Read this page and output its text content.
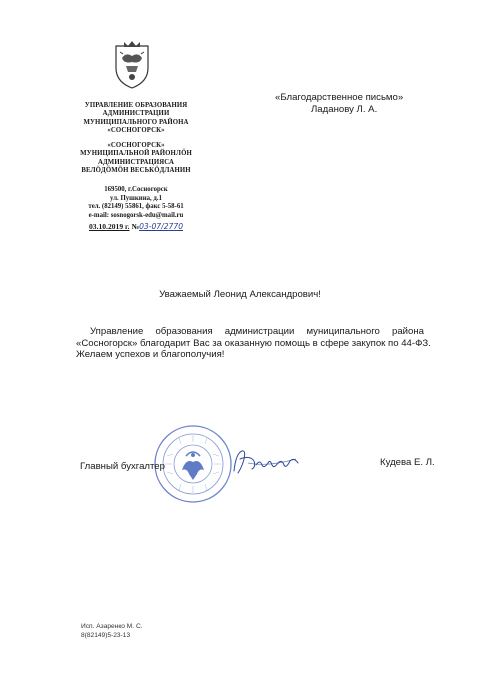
УПРАВЛЕНИЕ ОБРАЗОВАНИЯ
АДМИНИСТРАЦИИ
МУНИЦИПАЛЬНОГО РАЙОНА
«СОСНОГОРСК»
«СОСНОГОРСК»
МУНИЦИПАЛЬНОЙ РАЙОНЛÖН
АДМИНИСТРАЦИЯСА
ВЕЛÖДÖМÖН ВЕСЬКÖДЛАНИН
169500, г.Сосногорск
ул. Пушкина, д.1
тел. (82149) 55861, факс 5-58-61
e-mail: sosnogorsk-edu@mail.ru
03.10.2019 г. №03-07/2770
«Благодарственное письмо»
Ладанову Л. А.
Уважаемый Леонид Александрович!
Управление образования администрации муниципального района
«Сосногорск» благодарит Вас за оказанную помощь в сфере закупок по 44-ФЗ.
Желаем успехов и благополучия!
Главный бухгалтер	Кудева Е. Л.
Исп. Азаренко М. С.
8(82149)5-23-13
